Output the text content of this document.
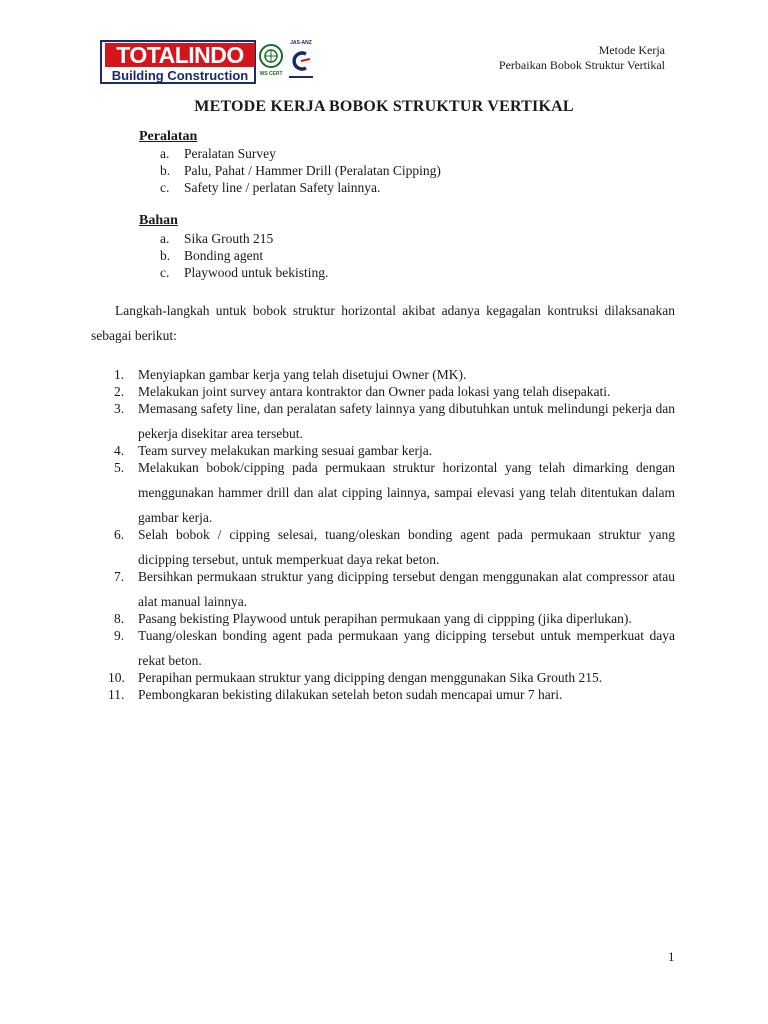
TOTALINDO
Building Construction	WS CERT
JAS-ANZ	Metode Kerja
Perbaikan Bobok Struktur Vertikal
METODE KERJA BOBOK STRUKTUR VERTIKAL
Peralatan
a. Peralatan Survey
b. Palu, Pahat / Hammer Drill (Peralatan Cipping)
c. Safety line / perlatan Safety lainnya.
Bahan
a. Sika Grouth 215
b. Bonding agent
c. Playwood untuk bekisting.
Langkah-langkah untuk bobok struktur horizontal akibat adanya kegagalan kontruksi dilaksanakan sebagai berikut:
1. Menyiapkan gambar kerja yang telah disetujui Owner (MK).
2. Melakukan joint survey antara kontraktor dan Owner pada lokasi yang telah disepakati.
3. Memasang safety line, dan peralatan safety lainnya yang dibutuhkan untuk melindungi pekerja dan pekerja disekitar area tersebut.
4. Team survey melakukan marking sesuai gambar kerja.
5. Melakukan bobok/cipping pada permukaan struktur horizontal yang telah dimarking dengan menggunakan hammer drill dan alat cipping lainnya, sampai elevasi yang telah ditentukan dalam gambar kerja.
6. Selah bobok / cipping selesai, tuang/oleskan bonding agent pada permukaan struktur yang dicipping tersebut, untuk memperkuat daya rekat beton.
7. Bersihkan permukaan struktur yang dicipping tersebut dengan menggunakan alat compressor atau alat manual lainnya.
8. Pasang bekisting Playwood untuk perapihan permukaan yang di cippping (jika diperlukan).
9. Tuang/oleskan bonding agent pada permukaan yang dicipping tersebut untuk memperkuat daya rekat beton.
10. Perapihan permukaan struktur yang dicipping dengan menggunakan Sika Grouth 215.
11. Pembongkaran bekisting dilakukan setelah beton sudah mencapai umur 7 hari.
1
